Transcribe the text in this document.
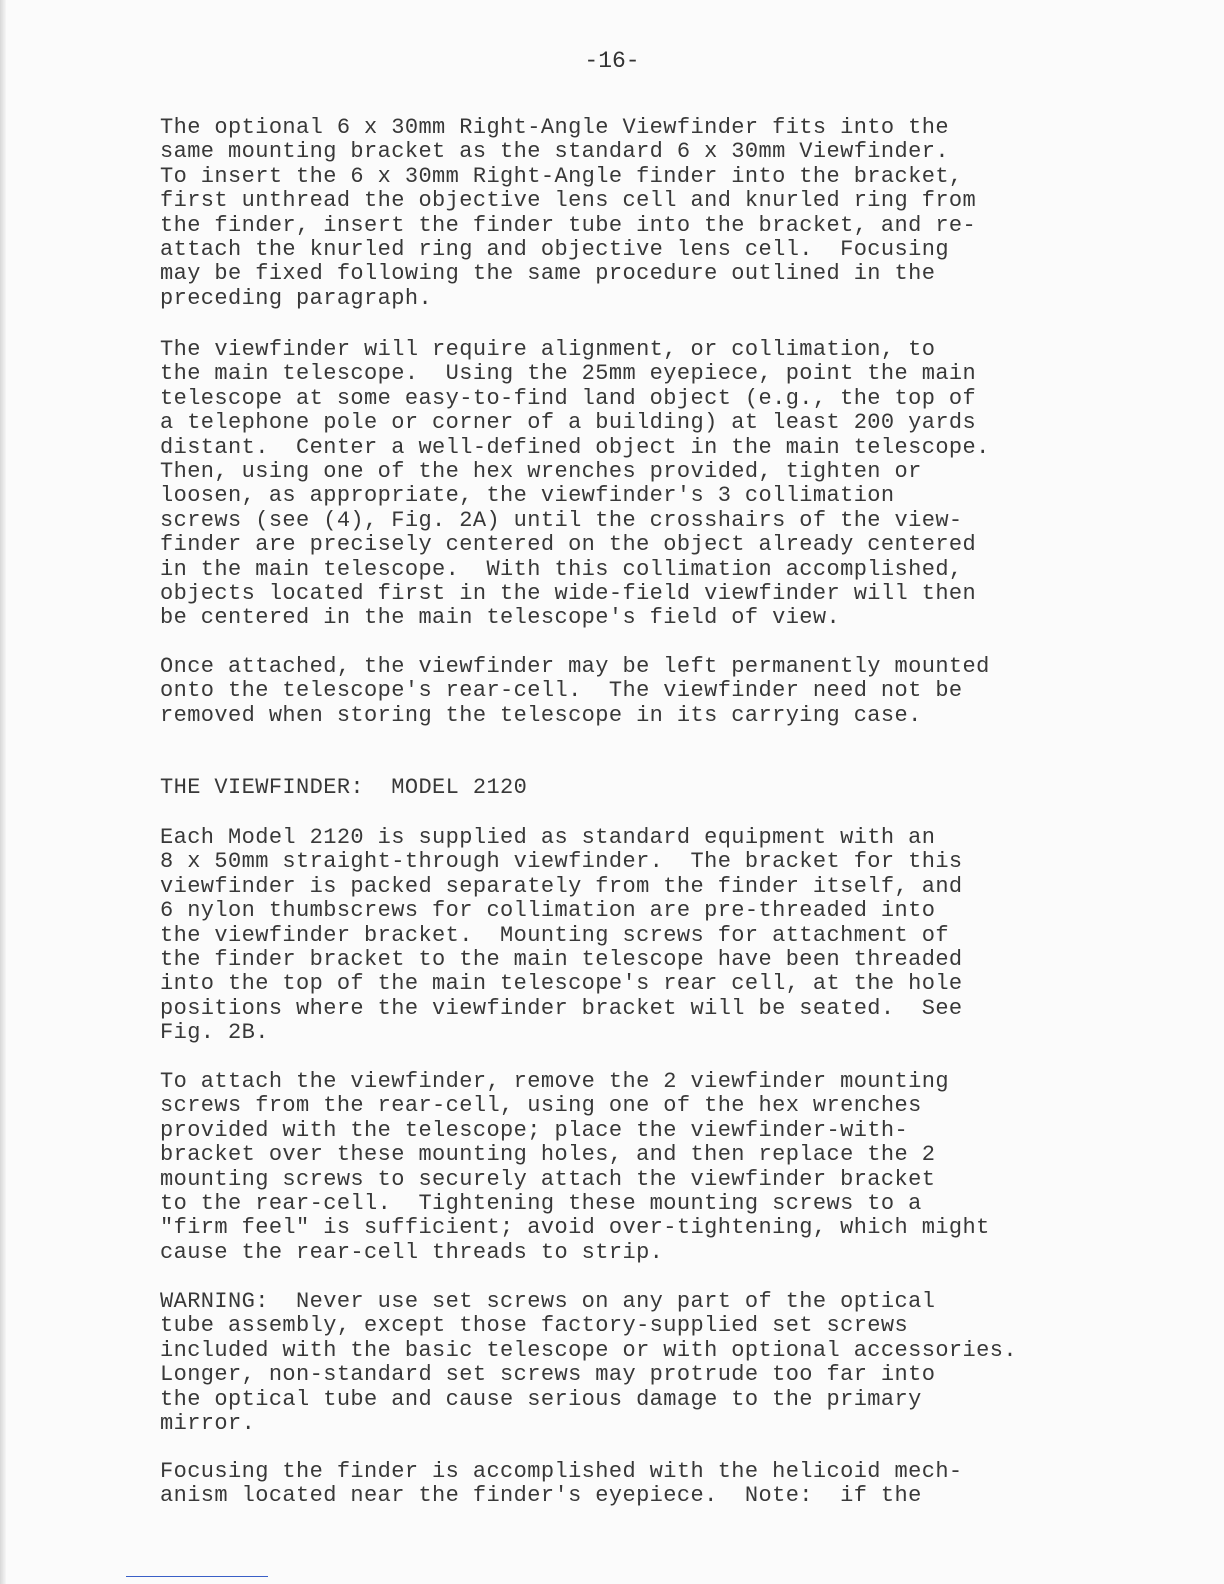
-16-
The optional 6 x 30mm Right-Angle Viewfinder fits into the
same mounting bracket as the standard 6 x 30mm Viewfinder.
To insert the 6 x 30mm Right-Angle finder into the bracket,
first unthread the objective lens cell and knurled ring from
the finder, insert the finder tube into the bracket, and re-
attach the knurled ring and objective lens cell.  Focusing
may be fixed following the same procedure outlined in the
preceding paragraph.
The viewfinder will require alignment, or collimation, to
the main telescope.  Using the 25mm eyepiece, point the main
telescope at some easy-to-find land object (e.g., the top of
a telephone pole or corner of a building) at least 200 yards
distant.  Center a well-defined object in the main telescope.
Then, using one of the hex wrenches provided, tighten or
loosen, as appropriate, the viewfinder's 3 collimation
screws (see (4), Fig. 2A) until the crosshairs of the view-
finder are precisely centered on the object already centered
in the main telescope.  With this collimation accomplished,
objects located first in the wide-field viewfinder will then
be centered in the main telescope's field of view.
Once attached, the viewfinder may be left permanently mounted
onto the telescope's rear-cell.  The viewfinder need not be
removed when storing the telescope in its carrying case.
THE VIEWFINDER:  MODEL 2120
Each Model 2120 is supplied as standard equipment with an
8 x 50mm straight-through viewfinder.  The bracket for this
viewfinder is packed separately from the finder itself, and
6 nylon thumbscrews for collimation are pre-threaded into
the viewfinder bracket.  Mounting screws for attachment of
the finder bracket to the main telescope have been threaded
into the top of the main telescope's rear cell, at the hole
positions where the viewfinder bracket will be seated.  See
Fig. 2B.
To attach the viewfinder, remove the 2 viewfinder mounting
screws from the rear-cell, using one of the hex wrenches
provided with the telescope; place the viewfinder-with-
bracket over these mounting holes, and then replace the 2
mounting screws to securely attach the viewfinder bracket
to the rear-cell.  Tightening these mounting screws to a
"firm feel" is sufficient; avoid over-tightening, which might
cause the rear-cell threads to strip.
WARNING:  Never use set screws on any part of the optical
tube assembly, except those factory-supplied set screws
included with the basic telescope or with optional accessories.
Longer, non-standard set screws may protrude too far into
the optical tube and cause serious damage to the primary
mirror.
Focusing the finder is accomplished with the helicoid mech-
anism located near the finder's eyepiece.  Note:  if the
